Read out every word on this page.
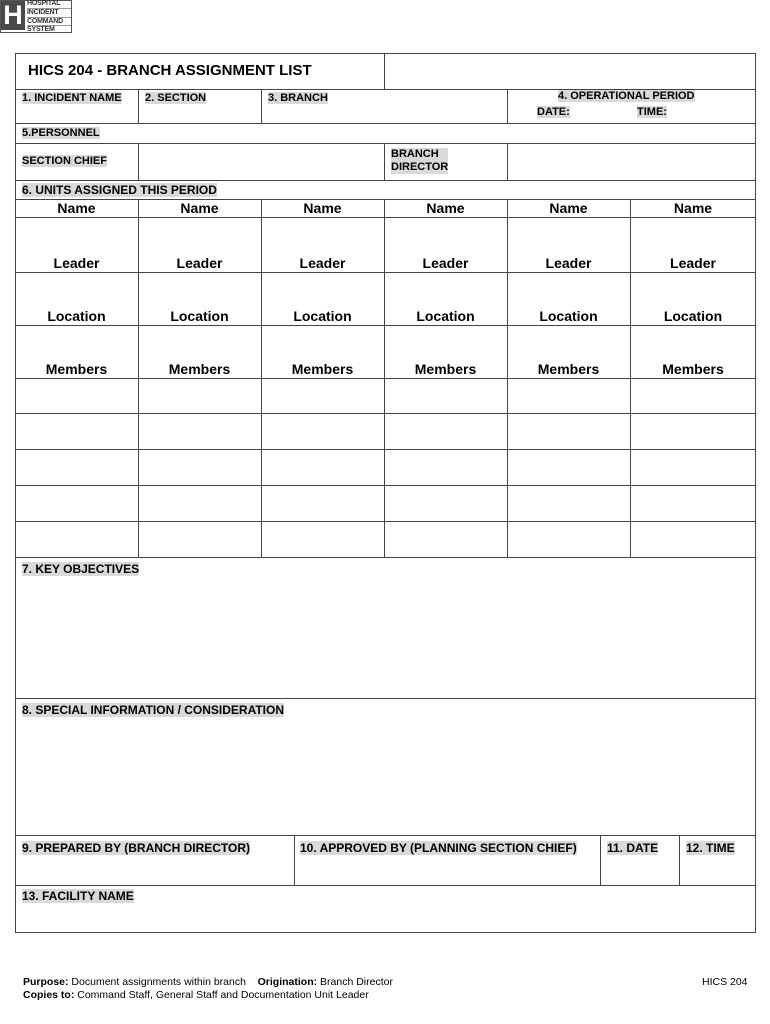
H HOSPITAL
INCIDENT
COMMAND
SYSTEM
HICS 204 - BRANCH ASSIGNMENT LIST
1. INCIDENT NAME 2. SECTION	3. BRANCH	4. OPERATIONAL PERIOD
DATE:	TIME:
5.PERSONNEL
SECTION CHIEF
BRANCH
DIRECTOR
6. UNITS ASSIGNED THIS PERIOD
Name	Name	Name	Name	Name	Name
Leader	Leader	Leader	Leader	Leader	Leader
Location	Location	Location	Location	Location	Location
Members	Members	Members	Members	Members	Members
7. KEY OBJECTIVES
8. SPECIAL INFORMATION / CONSIDERATION
9. PREPARED BY (BRANCH DIRECTOR)	10. APPROVED BY (PLANNING SECTION CHIEF)	11. DATE 12. TIME
13. FACILITY NAME
Purpose: Document assignments within branch Origination: Branch Director
Copies to: Command Staff, General Staff and Documentation Unit Leader
HICS 204
